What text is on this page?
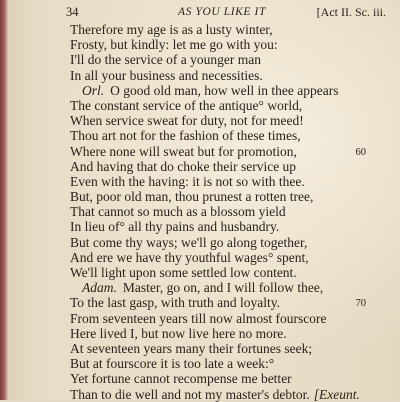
34	AS YOU LIKE IT	[Act II. Sc. iii.
Therefore my age is as a lusty winter,
Frosty, but kindly: let me go with you:
I'll do the service of a younger man
In all your business and necessities.
Orl. O good old man, how well in thee appears
The constant service of the antique° world,
When service sweat for duty, not for meed!
Thou art not for the fashion of these times,
Where none will sweat but for promotion,	60
And having that do choke their service up
Even with the having: it is not so with thee.
But, poor old man, thou prunest a rotten tree,
That cannot so much as a blossom yield
In lieu of° all thy pains and husbandry.
But come thy ways; we'll go along together,
And ere we have thy youthful wages° spent,
We'll light upon some settled low content.
Adam. Master, go on, and I will follow thee,
To the last gasp, with truth and loyalty.	70
From seventeen years till now almost fourscore
Here lived I, but now live here no more.
At seventeen years many their fortunes seek;
But at fourscore it is too late a week:°
Yet fortune cannot recompense me better
Than to die well and not my master's debtor. [Exeunt.
